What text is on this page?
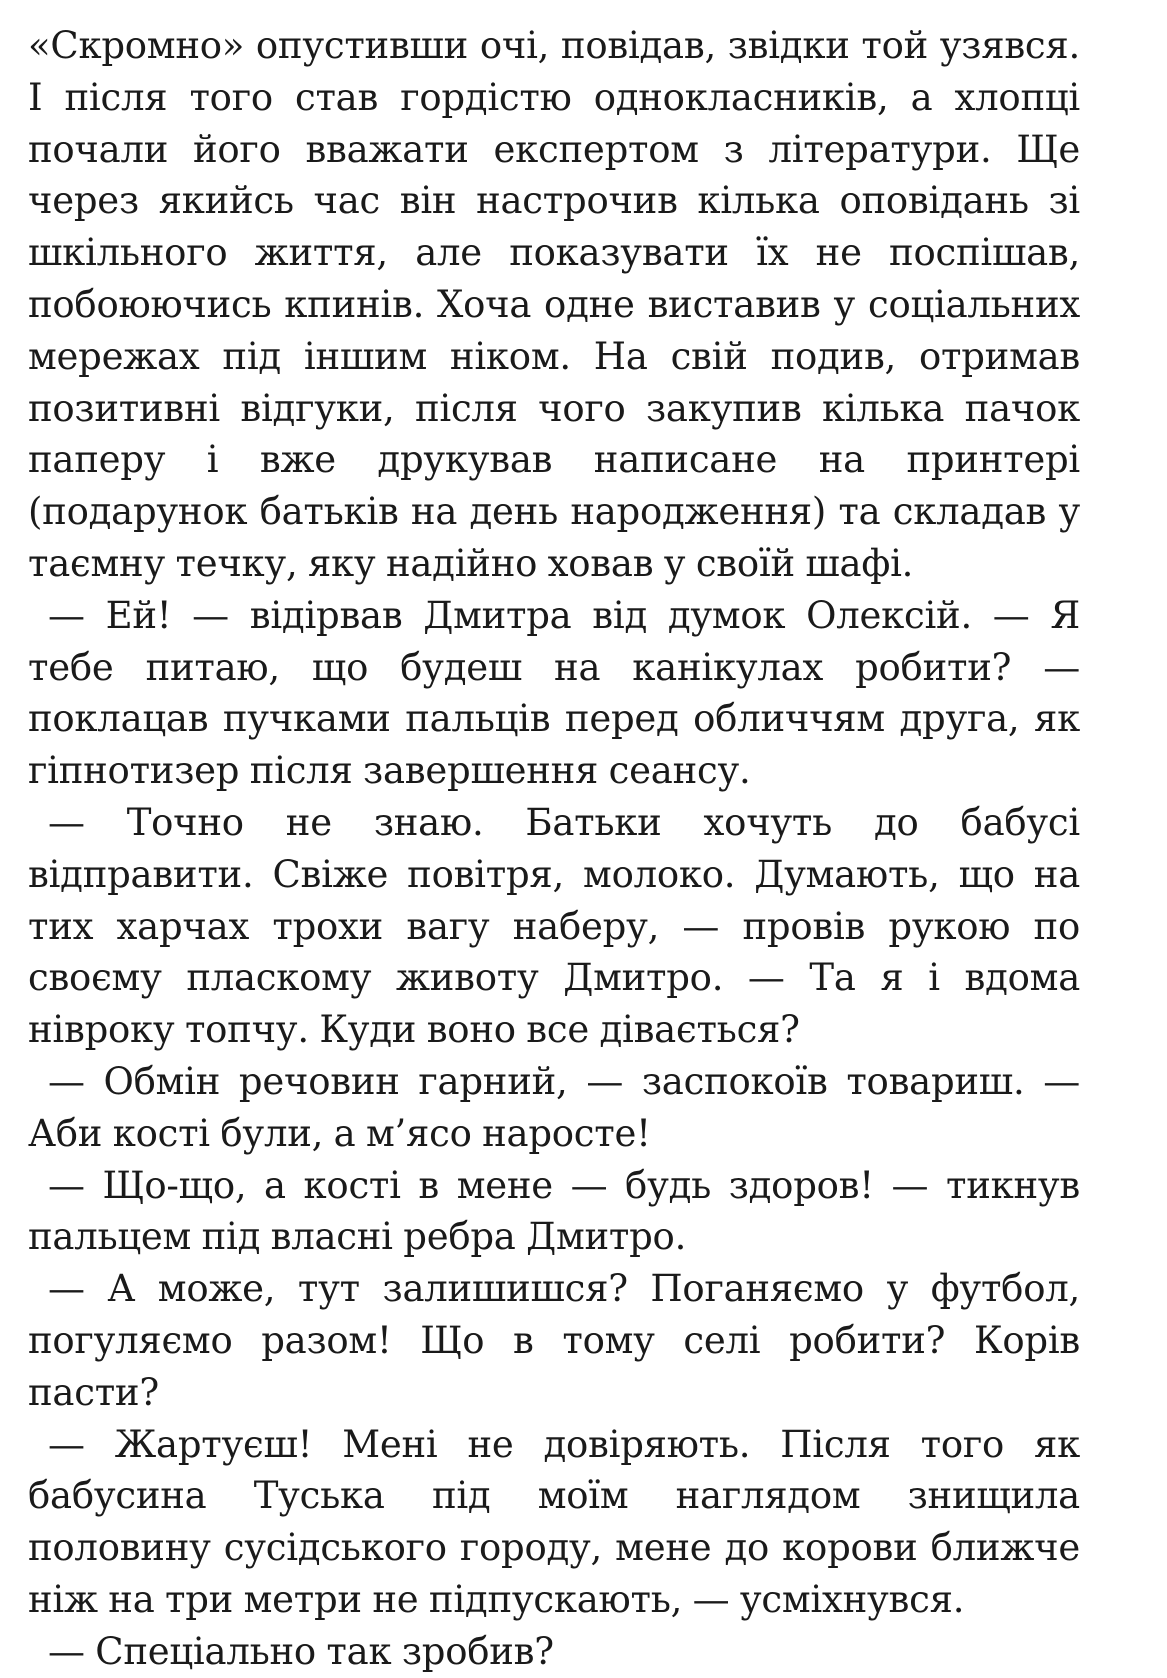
«Скромно» опустивши очі, повідав, звідки той узявся. І після того став гордістю однокласників, а хлопці почали його вважати експертом з літератури. Ще через якийсь час він настрочив кілька оповідань зі шкільного життя, але показувати їх не поспішав, побоюючись кпинів. Хоча одне виставив у соціальних мережах під іншим ніком. На свій подив, отримав позитивні відгуки, після чого закупив кілька пачок паперу і вже друкував написане на принтері (подарунок батьків на день народження) та складав у таємну течку, яку надійно ховав у своїй шафі.

— Ей! — відірвав Дмитра від думок Олексій. — Я тебе питаю, що будеш на канікулах робити? — поклацав пучками пальців перед обличчям друга, як гіпнотизер після завершення сеансу.

— Точно не знаю. Батьки хочуть до бабусі відправити. Свіже повітря, молоко. Думають, що на тих харчах трохи вагу наберу, — провів рукою по своєму пласкому животу Дмитро. — Та я і вдома нівроку топчу. Куди воно все дівається?

— Обмін речовин гарний, — заспокоїв товариш. — Аби кості були, а м’ясо наросте!

— Що-що, а кості в мене — будь здоров! — тикнув пальцем під власні ребра Дмитро.

— А може, тут залишишся? Поганяємо у футбол, погуляємо разом! Що в тому селі робити? Корів пасти?

— Жартуєш! Мені не довіряють. Після того як бабусина Туська під моїм наглядом знищила половину сусідського городу, мене до корови ближче ніж на три метри не підпускають, — усміхнувся.

— Спеціально так зробив?
